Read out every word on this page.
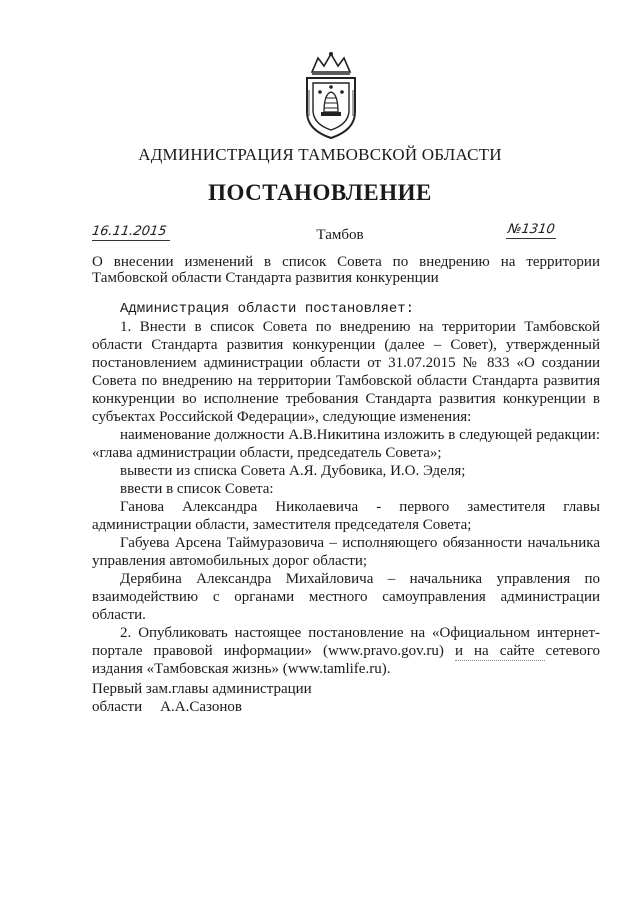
АДМИНИСТРАЦИЯ ТАМБОВСКОЙ ОБЛАСТИ
ПОСТАНОВЛЕНИЕ
16.11.2015	Тамбов	№1310
О внесении изменений в список Совета по внедрению на территории Тамбовской области Стандарта развития конкуренции

Администрация области постановляет:

1. Внести в список Совета по внедрению на территории Тамбовской области Стандарта развития конкуренции (далее – Совет), утвержденный постановлением администрации области от 31.07.2015 № 833 «О создании Совета по внедрению на территории Тамбовской области Стандарта развития конкуренции во исполнение требования Стандарта развития конкуренции в субъектах Российской Федерации», следующие изменения:

наименование должности А.В.Никитина изложить в следующей редакции: «глава администрации области, председатель Совета»;

вывести из списка Совета А.Я. Дубовика, И.О. Эделя;

ввести в список Совета:

Ганова Александра Николаевича - первого заместителя главы администрации области, заместителя председателя Совета;

Габуева Арсена Таймуразовича – исполняющего обязанности начальника управления автомобильных дорог области;

Дерябина Александра Михайловича – начальника управления по взаимодействию с органами местного самоуправления администрации области.

2. Опубликовать настоящее постановление на «Официальном интернет-портале правовой информации» (www.pravo.gov.ru) и на сайте сетевого издания «Тамбовская жизнь» (www.tamlife.ru).

Первый зам.главы администрации
области А.А.Сазонов
